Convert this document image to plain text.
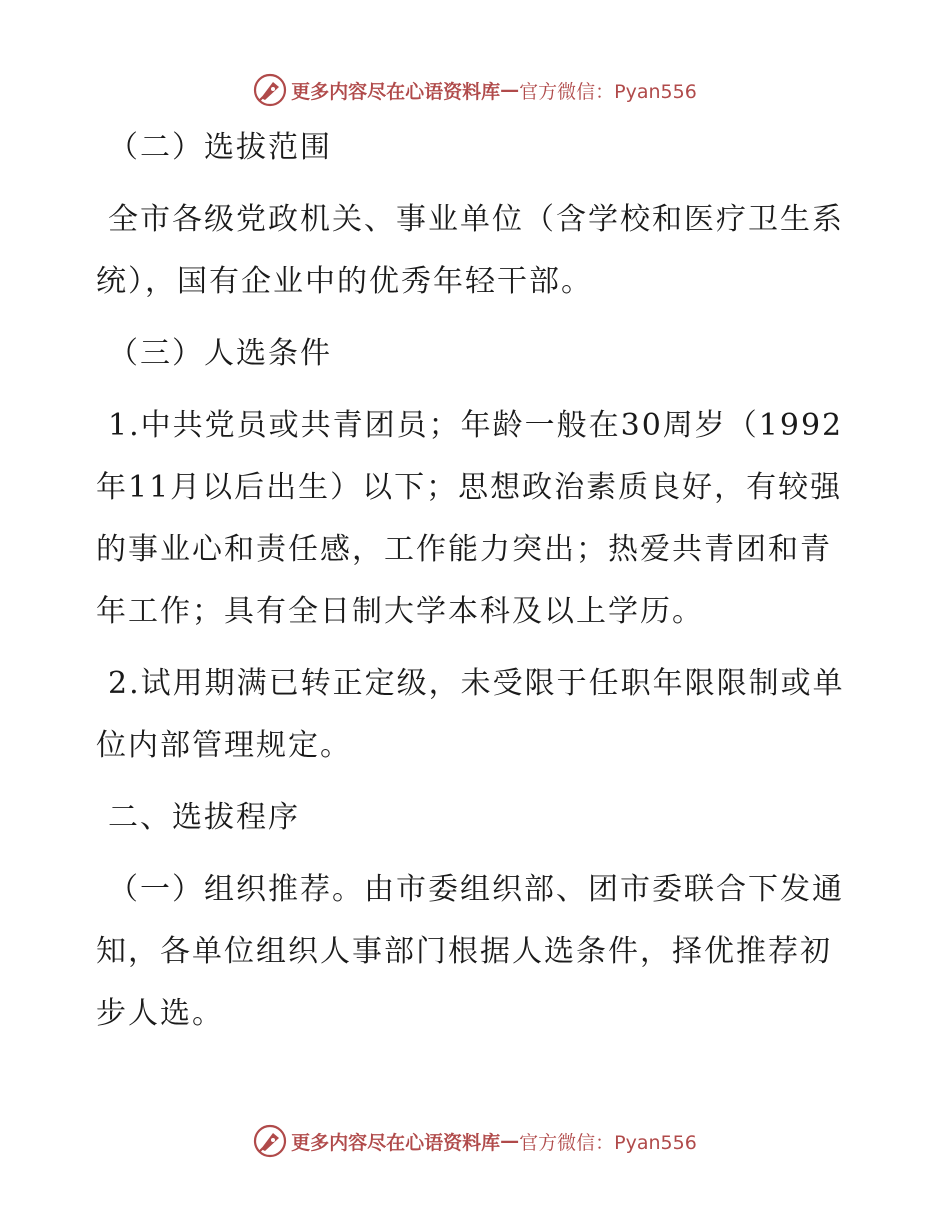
更多内容尽在心语资料库 — 官方微信：Pyan556

（二）选拔范围

全市各级党政机关、事业单位（含学校和医疗卫生系统），国有企业中的优秀年轻干部。

（三）人选条件

1.中共党员或共青团员；年龄一般在30周岁（1992年11月以后出生）以下；思想政治素质良好，有较强的事业心和责任感，工作能力突出；热爱共青团和青年工作；具有全日制大学本科及以上学历。

2.试用期满已转正定级，未受限于任职年限限制或单位内部管理规定。

二、选拔程序

（一）组织推荐。由市委组织部、团市委联合下发通知，各单位组织人事部门根据人选条件，择优推荐初步人选。

更多内容尽在心语资料库 — 官方微信：Pyan556
